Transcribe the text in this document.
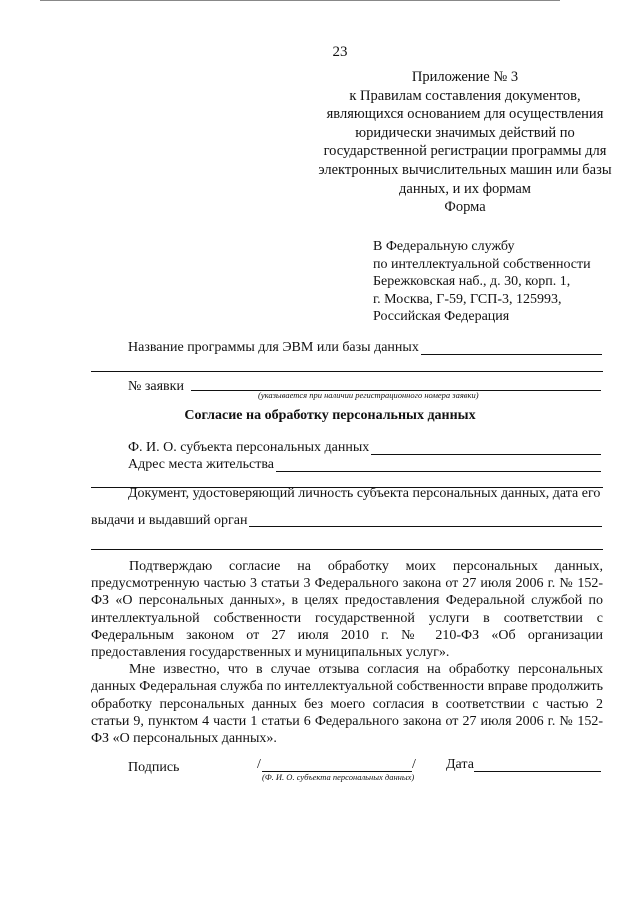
23
Приложение № 3
к Правилам составления документов,
являющихся основанием для осуществления
юридически значимых действий по
государственной регистрации программы для
электронных вычислительных машин или базы
данных, и их формам
Форма
В Федеральную службу
по интеллектуальной собственности
Бережковская наб., д. 30, корп. 1,
г. Москва, Г-59, ГСП-3, 125993,
Российская Федерация
Название программы для ЭВМ или базы данных
№ заявки
(указывается при наличии регистрационного номера заявки)
Согласие на обработку персональных данных
Ф. И. О. субъекта персональных данных
Адрес места жительства
Документ, удостоверяющий личность субъекта персональных данных, дата его
выдачи и выдавший орган

Подтверждаю согласие на обработку моих персональных данных, предусмотренную частью 3 статьи 3 Федерального закона от 27 июля 2006 г. № 152-ФЗ «О персональных данных», в целях предоставления Федеральной службой по интеллектуальной собственности государственной услуги в соответствии с Федеральным законом от 27 июля 2010 г. № 210-ФЗ «Об организации предоставления государственных и муниципальных услуг».

Мне известно, что в случае отзыва согласия на обработку персональных данных Федеральная служба по интеллектуальной собственности вправе продолжить обработку персональных данных без моего согласия в соответствии с частью 2 статьи 9, пунктом 4 части 1 статьи 6 Федерального закона от 27 июля 2006 г. № 152-ФЗ «О персональных данных».

Подпись	/	/
(Ф. И. О. субъекта персональных данных)
Дата
